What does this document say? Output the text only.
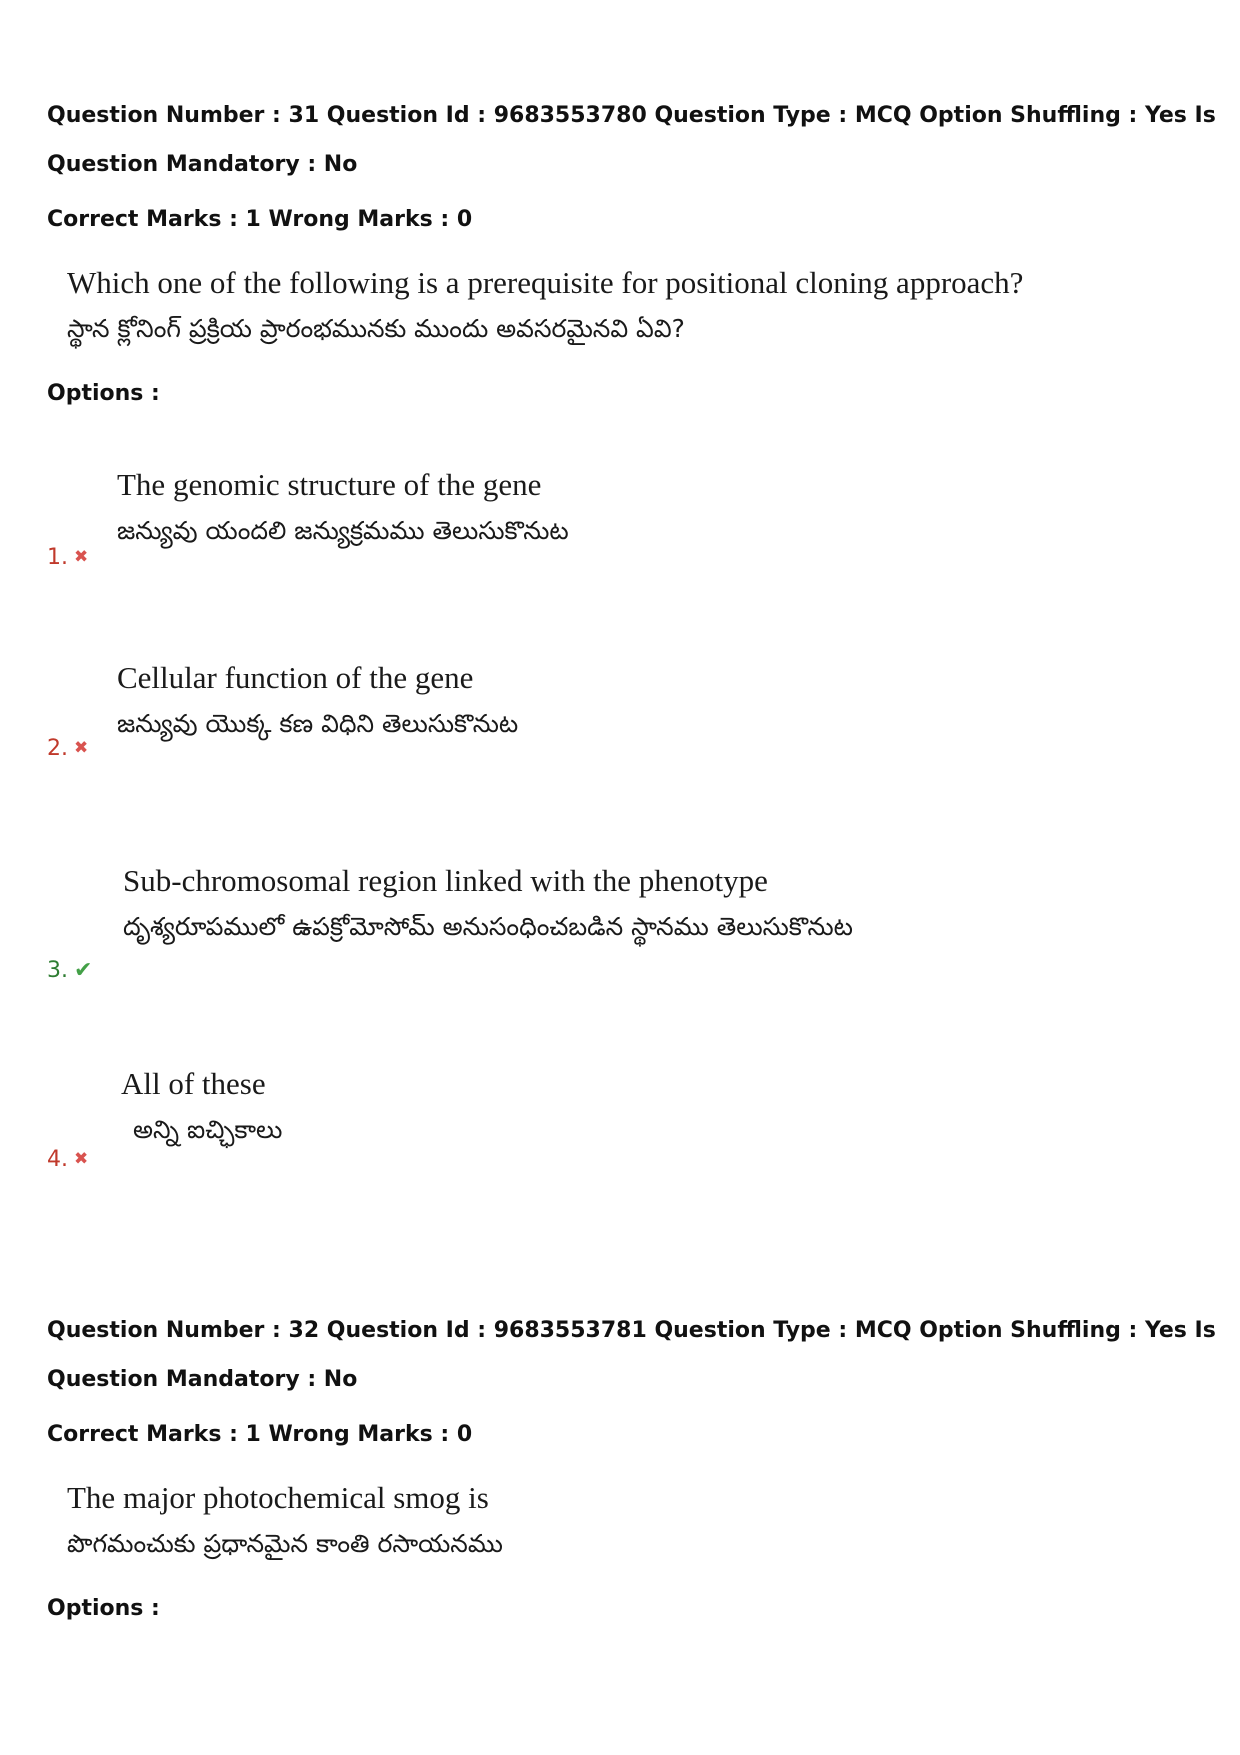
Question Number : 31 Question Id : 9683553780 Question Type : MCQ Option Shuffling : Yes Is
Question Mandatory : No
Correct Marks : 1 Wrong Marks : 0
Which one of the following is a prerequisite for positional cloning approach?
స్థాన క్లోనింగ్ ప్రక్రియ ప్రారంభమునకు ముందు అవసరమైనవి ఏవి?
Options :
The genomic structure of the gene
జన్యువు యందలి జన్యుక్రమము తెలుసుకొనుట
1. ✖
Cellular function of the gene
జన్యువు యొక్క కణ విధిని తెలుసుకొనుట
2. ✖
Sub-chromosomal region linked with the phenotype
దృశ్యరూపములో ఉపక్రోమోసోమ్ అనుసంధించబడిన స్థానము తెలుసుకొనుట
3. ✔
All of these
అన్ని ఐచ్ఛికాలు
4. ✖
Question Number : 32 Question Id : 9683553781 Question Type : MCQ Option Shuffling : Yes Is
Question Mandatory : No
Correct Marks : 1 Wrong Marks : 0
The major photochemical smog is
పొగమంచుకు ప్రధానమైన కాంతి రసాయనము
Options :
